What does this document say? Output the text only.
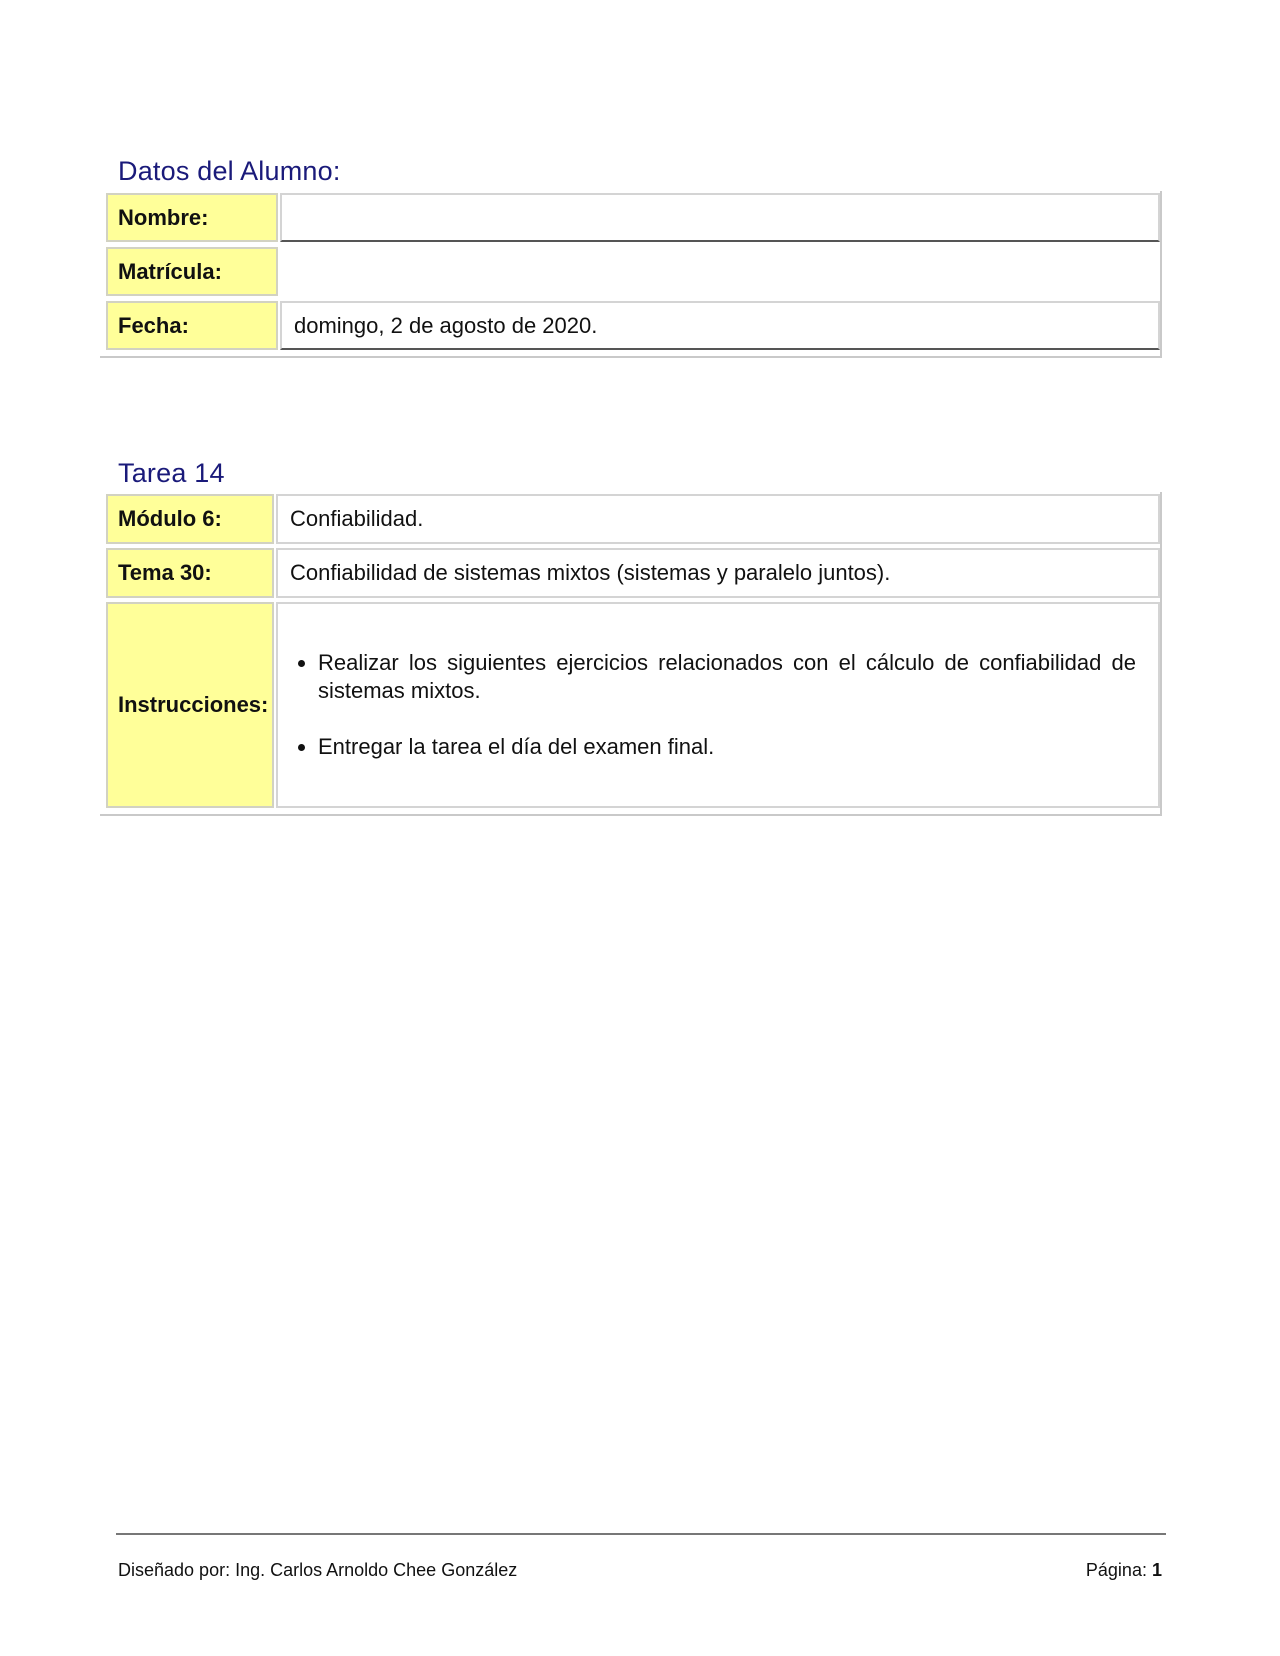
Datos del Alumno:
Nombre:
Matrícula:
Fecha:	domingo, 2 de agosto de 2020.
Tarea 14
Módulo 6:	Confiabilidad.
Tema 30:	Confiabilidad de sistemas mixtos (sistemas y paralelo juntos).
Instrucciones:
• Realizar los siguientes ejercicios relacionados con el cálculo de confiabilidad de sistemas mixtos.
• Entregar la tarea el día del examen final.
Diseñado por: Ing. Carlos Arnoldo Chee González	Página: 1
